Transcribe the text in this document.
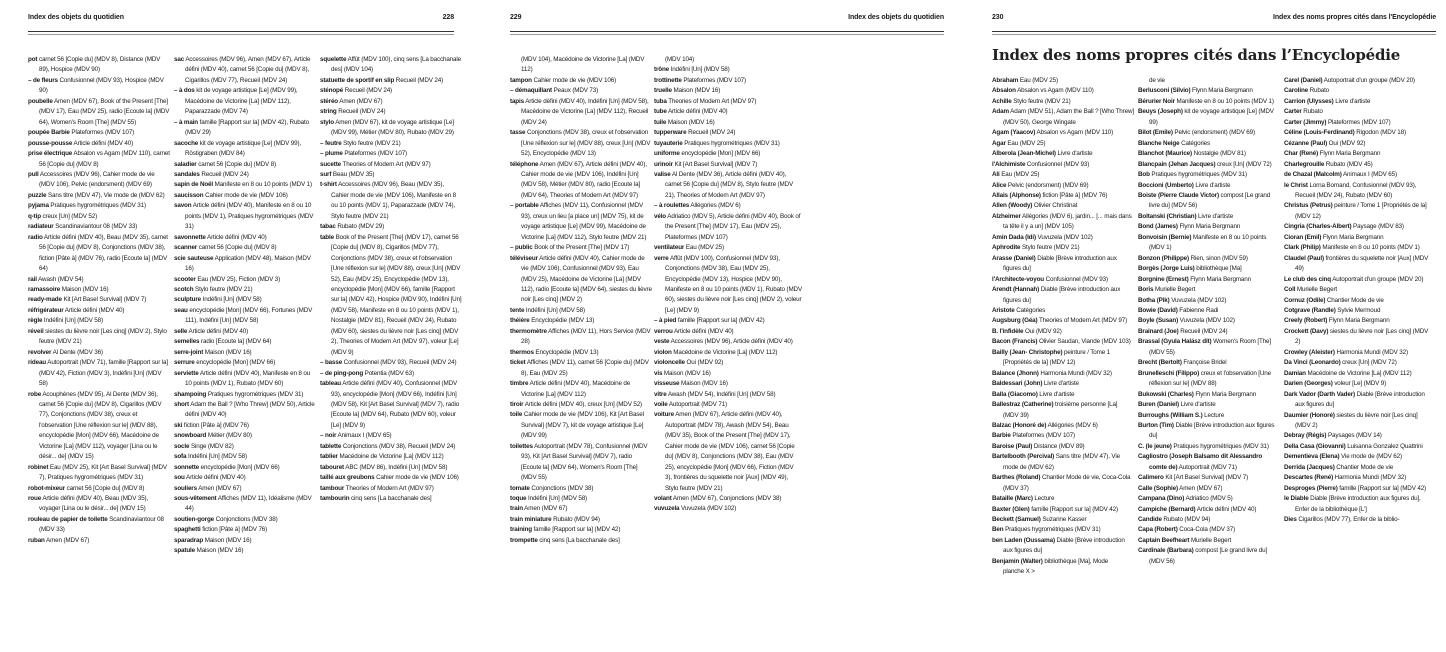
Index des objets du quotidien	228
pot carnet 56 [Copie du] (MDV 8), Distance (MDV 89), Hospice (MDV 90)
– de fleurs Confusionnel (MDV 93), Hospice (MDV 90)
poubelle Amen (MDV 67), Book of the Present [The] (MDV 17), Eau (MDV 25), radio [Ecoute la] (MDV 64), Women's Room [The] (MDV 55)
poupée Barbie Plateformes (MDV 107)
pousse-pousse Article défini (MDV 40)
prise électrique Absalon vs Agam (MDV 110), carnet 56 [Copie du] (MDV 8)
pull Accessoires (MDV 96), Cahier mode de vie (MDV 106), Pelvic (endorsment) (MDV 69)
puzzle Sans titre (MDV 47), Vie mode de (MDV 62)
pyjama Pratiques hygrométriques (MDV 31)
q-tip creux [Un] (MDV 52)
radiateur Scandinaviantour 08 (MDV 33)
radio Article défini (MDV 40), Beau (MDV 35), carnet 56 [Copie du] (MDV 8), Conjonctions (MDV 38), fiction [Pâte à] (MDV 76), radio [Ecoute la] (MDV 64)
rail Awash (MDV 54)
ramassoire Maison (MDV 16)
ready-made Kit [Art Basel Survival] (MDV 7)
réfrigérateur Article défini (MDV 40)
règle Indéfini [Un] (MDV 58)
réveil siestes du lièvre noir [Les cinq] (MDV 2), Stylo feutre (MDV 21)
revolver Al Dente (MDV 36)
rideau Autoportrait (MDV 71), famille [Rapport sur la] (MDV 42), Fiction (MDV 3), Indéfini [Un] (MDV 58)
robe Acouphènes (MDV 95), Al Dente (MDV 36), carnet 56 [Copie du] (MDV 8), Cigarillos (MDV 77), Conjonctions (MDV 38), creux et l'observation [Une réflexion sur le] (MDV 88), encyclopédie [Mon] (MDV 66), Macédoine de Victorine [La] (MDV 112), voyager [Lina ou le désir... de] (MDV 15)
robinet Eau (MDV 25), Kit [Art Basel Survival] (MDV 7), Pratiques hygrométriques (MDV 31)
robot-mixeur carnet 56 [Copie du] (MDV 8)
roue Article défini (MDV 40), Beau (MDV 35), voyager [Lina ou le désir... de] (MDV 15)
rouleau de papier de toilette Scandinaviantour 08 (MDV 33)
ruban Amen (MDV 67)
sac Accessoires (MDV 96), Amen (MDV 67), Article défini (MDV 40), carnet 56 [Copie du] (MDV 8), Cigarillos (MDV 77), Recueil (MDV 24)
– à dos kit de voyage artistique [Le] (MDV 99), Macédoine de Victorine [La] (MDV 112), Paparazzade (MDV 74)
– à main famille [Rapport sur la] (MDV 42), Rubato (MDV 29)
sacoche kit de voyage artistique [Le] (MDV 99), Röstigraben (MDV 84)
saladier carnet 56 [Copie du] (MDV 8)
sandales Recueil (MDV 24)
sapin de Noël Manifeste en 8 ou 10 points (MDV 1)
saucisson Cahier mode de vie (MDV 106)
savon Article défini (MDV 40), Manifeste en 8 ou 10 points (MDV 1), Pratiques hygrométriques (MDV 31)
savonnette Article défini (MDV 40)
scanner carnet 56 [Copie du] (MDV 8)
scie sauteuse Application (MDV 48), Maison (MDV 16)
scooter Eau (MDV 25), Fiction (MDV 3)
scotch Stylo feutre (MDV 21)
sculpture Indéfini [Un] (MDV 58)
seau encyclopédie [Mon] (MDV 66), Fortunes (MDV 111), Indéfini [Un] (MDV 58)
selle Article défini (MDV 40)
semelles radio [Ecoute la] (MDV 64)
serre-joint Maison (MDV 16)
serrure encyclopédie [Mon] (MDV 66)
serviette Article défini (MDV 40), Manifeste en 8 ou 10 points (MDV 1), Rubato (MDV 60)
shampoing Pratiques hygrométriques (MDV 31)
short Adam the Ball ? [Who Threw] (MDV 50), Article défini (MDV 40)
ski fiction [Pâte à] (MDV 76)
snowboard Métier (MDV 80)
socle Singe (MDV 82)
sofa Indéfini [Un] (MDV 58)
sonnette encyclopédie [Mon] (MDV 66)
sou Article défini (MDV 40)
souliers Amen (MDV 67)
sous-vêtement Affiches (MDV 11), Idéalisme (MDV 44)
soutien-gorge Conjonctions (MDV 38)
spaghetti fiction [Pâte à] (MDV 76)
sparadrap Maison (MDV 16)
spatule Maison (MDV 16)
squelette Affût (MDV 100), cinq sens [La bacchanale des] (MDV 104)
statuette de sportif en slip Recueil (MDV 24)
sténopé Recueil (MDV 24)
stéréo Amen (MDV 67)
string Recueil (MDV 24)
stylo Amen (MDV 67), kit de voyage artistique [Le] (MDV 99), Métier (MDV 80), Rubato (MDV 29)
– feutre Stylo feutre (MDV 21)
– plume Plateformes (MDV 107)
sucette Theories of Modern Art (MDV 97)
surf Beau (MDV 35)
t-shirt Accessoires (MDV 96), Beau (MDV 35), Cahier mode de vie (MDV 106), Manifeste en 8 ou 10 points (MDV 1), Paparazzade (MDV 74), Stylo feutre (MDV 21)
tabac Rubato (MDV 29)
table Book of the Present [The] (MDV 17), carnet 56 [Copie du] (MDV 8), Cigarillos (MDV 77), Conjonctions (MDV 38), creux et l'observation [Une réflexion sur le] (MDV 88), creux [Un] (MDV 52), Eau (MDV 25), Encyclopédie (MDV 13), encyclopédie [Mon] (MDV 66), famille [Rapport sur la] (MDV 42), Hospice (MDV 90), Indéfini [Un] (MDV 58), Manifeste en 8 ou 10 points (MDV 1), Nostalgie (MDV 81), Recueil (MDV 24), Rubato (MDV 60), siestes du lièvre noir [Les cinq] (MDV 2), Theories of Modern Art (MDV 97), voleur [Le] (MDV 9)
– basse Confusionnel (MDV 93), Recueil (MDV 24)
– de ping-pong Potentia (MDV 63)
tableau Article défini (MDV 40), Confusionnel (MDV 93), encyclopédie [Mon] (MDV 66), Indéfini [Un] (MDV 58), Kit [Art Basel Survival] (MDV 7), radio [Ecoute la] (MDV 64), Rubato (MDV 60), voleur [Le] (MDV 9)
– noir Animaux I (MDV 65)
tablette Conjonctions (MDV 38), Recueil (MDV 24)
tablier Macédoine de Victorine [La] (MDV 112)
tabouret ABC (MDV 86), Indéfini [Un] (MDV 58)
taillé aux greubons Cahier mode de vie (MDV 106)
tambour Theories of Modern Art (MDV 97)
tambourin cinq sens [La bacchanale des]
229	Index des objets du quotidien
(MDV 104), Macédoine de Victorine [La] (MDV 112)
tampon Cahier mode de vie (MDV 106)
– démaquillant Peaux (MDV 73)
tapis Article défini (MDV 40), Indéfini [Un] (MDV 58), Macédoine de Victorine [La] (MDV 112), Recueil (MDV 24)
tasse Conjonctions (MDV 38), creux et l'observation [Une réflexion sur le] (MDV 88), creux [Un] (MDV 52), Encyclopédie (MDV 13)
téléphone Amen (MDV 67), Article défini (MDV 40), Cahier mode de vie (MDV 106), Indéfini [Un] (MDV 58), Métier (MDV 80), radio [Ecoute la] (MDV 64), Theories of Modern Art (MDV 97)
– portable Affiches (MDV 11), Confusionnel (MDV 93), creux un lieu [a place un] (MDV 75), kit de voyage artistique [Le] (MDV 99), Macédoine de Victorine [La] (MDV 112), Stylo feutre (MDV 21)
– public Book of the Present [The] (MDV 17)
téléviseur Article défini (MDV 40), Cahier mode de vie (MDV 106), Confusionnel (MDV 93), Eau (MDV 25), Macédoine de Victorine [La] (MDV 112), radio [Ecoute la] (MDV 64), siestes du lièvre noir [Les cinq] (MDV 2)
tente Indéfini [Un] (MDV 58)
théière Encyclopédie (MDV 13)
thermomètre Affiches (MDV 11), Hors Service (MDV 28)
thermos Encyclopédie (MDV 13)
ticket Affiches (MDV 11), carnet 56 [Copie du] (MDV 8), Eau (MDV 25)
timbre Article défini (MDV 40), Macédoine de Victorine [La] (MDV 112)
tiroir Article défini (MDV 40), creux [Un] (MDV 52)
toile Cahier mode de vie (MDV 106), Kit [Art Basel Survival] (MDV 7), kit de voyage artistique [Le] (MDV 99)
toilettes Autoportrait (MDV 78), Confusionnel (MDV 93), Kit [Art Basel Survival] (MDV 7), radio [Ecoute la] (MDV 64), Women's Room [The] (MDV 55)
tomate Conjonctions (MDV 38)
toque Indéfini [Un] (MDV 58)
train Amen (MDV 67)
train miniature Rubato (MDV 94)
training famille [Rapport sur la] (MDV 42)
trompette cinq sens [La bacchanale des]
(MDV 104)
trône Indéfini [Un] (MDV 58)
trottinette Plateformes (MDV 107)
truelle Maison (MDV 16)
tuba Theories of Modern Art (MDV 97)
tube Article défini (MDV 40)
tuile Maison (MDV 16)
tupperware Recueil (MDV 24)
tuyauterie Pratiques hygrométriques (MDV 31)
uniforme encyclopédie [Mon] (MDV 66)
urinoir Kit [Art Basel Survival] (MDV 7)
valise Al Dente (MDV 36), Article défini (MDV 40), carnet 56 [Copie du] (MDV 8), Stylo feutre (MDV 21), Theories of Modern Art (MDV 97)
– à roulettes Allégories (MDV 6)
vélo Adriatico (MDV 5), Article défini (MDV 40), Book of the Present [The] (MDV 17), Eau (MDV 25), Plateformes (MDV 107)
ventilateur Eau (MDV 25)
verre Affût (MDV 100), Confusionnel (MDV 93), Conjonctions (MDV 38), Eau (MDV 25), Encyclopédie (MDV 13), Hospice (MDV 90), Manifeste en 8 ou 10 points (MDV 1), Rubato (MDV 60), siestes du lièvre noir [Les cinq] (MDV 2), voleur [Le] (MDV 9)
– à pied famille [Rapport sur la] (MDV 42)
verrou Article défini (MDV 40)
veste Accessoires (MDV 96), Article défini (MDV 40)
violon Macédoine de Victorine [La] (MDV 112)
violoncelle Oui (MDV 92)
vis Maison (MDV 16)
visseuse Maison (MDV 16)
vitre Awash (MDV 54), Indéfini [Un] (MDV 58)
voile Autoportrait (MDV 71)
voiture Amen (MDV 67), Article défini (MDV 40), Autoportrait (MDV 78), Awash (MDV 54), Beau (MDV 35), Book of the Present [The] (MDV 17), Cahier mode de vie (MDV 106), carnet 56 [Copie du] (MDV 8), Conjonctions (MDV 38), Eau (MDV 25), encyclopédie [Mon] (MDV 66), Fiction (MDV 3), frontières du squelette noir [Aux] (MDV 49), Stylo feutre (MDV 21)
volant Amen (MDV 67), Conjonctions (MDV 38)
vuvuzela Vuvuzela (MDV 102)
230	Index des noms propres cités dans l'Encyclopédie
Index des noms propres cités dans l’Encyclopédie
Abraham Eau (MDV 25)
Absalon Absalon vs Agam (MDV 110)
Achille Stylo feutre (MDV 21)
Adam Adam (MDV 51), Adam the Ball ? [Who Threw] (MDV 50), George Wingate
Agam (Yaacov) Absalon vs Agam (MDV 110)
Agar Eau (MDV 25)
Alberola (Jean-Michel) Livre d'artiste
l'Alchimiste Confusionnel (MDV 93)
Ali Eau (MDV 25)
Alice Pelvic (endorsment) (MDV 69)
Allais (Alphonse) fiction [Pâte à] (MDV 76)
Allen (Woody) Olivier Christinat
Alzheimer Allégories (MDV 6), jardin... [... mais dans ta tête il y a un] (MDV 105)
Amin Dada (Idi) Vuvuzela (MDV 102)
Aphrodite Stylo feutre (MDV 21)
Arasse (Daniel) Diable [Brève introduction aux figures du]
l'Architecte-voyou Confusionnel (MDV 93)
Arendt (Hannah) Diable [Brève introduction aux figures du]
Aristote Catégories
Augsburg (Géa) Theories of Modern Art (MDV 97)
B. l'infidèle Oui (MDV 92)
Bacon (Francis) Olivier Saudan, Viande (MDV 103)
Bailly (Jean- Christophe) peinture / Tome 1 [Propriétés de la] (MDV 12)
Balance (Jhonn) Harmonia Mundi (MDV 32)
Baldessari (John) Livre d'artiste
Balla (Giacomo) Livre d'artiste
Ballestraz (Catherine) troisième personne [La] (MDV 39)
Balzac (Honoré de) Allégories (MDV 6)
Barbie Plateformes (MDV 107)
Baroise (Paul) Distance (MDV 89)
Bartelbooth (Percival) Sans titre (MDV 47), Vie mode de (MDV 62)
Barthes (Roland) Chantier Mode de vie, Coca-Cola (MDV 37)
Bataille (Marc) Lecture
Baxter (Glen) famille [Rapport sur la] (MDV 42)
Beckett (Samuel) Suzanne Kasser
Ben Pratiques hygrométriques (MDV 31)
ben Laden (Oussama) Diable [Brève introduction aux figures du]
Benjamin (Walter) bibliothèque [Ma], Mode
planche X >
de vie
Berlusconi (Silvio) Flynn Maria Bergmann
Bérurier Noir Manifeste en 8 ou 10 points (MDV 1)
Beuys (Joseph) kit de voyage artistique [Le] (MDV 99)
Bilot (Emile) Pelvic (endorsment) (MDV 69)
Blanche Neige Catégories
Blanchot (Maurice) Nostalgie (MDV 81)
Blancpain (Jehan Jacques) creux [Un] (MDV 72)
Bob Pratiques hygrométriques (MDV 31)
Boccioni (Umberto) Livre d'artiste
Boiste (Pierre Claude Victor) compost [Le grand livre du] (MDV 56)
Boltanski (Christian) Livre d'artiste
Bond (James) Flynn Maria Bergmann
Bonvoisin (Bernie) Manifeste en 8 ou 10 points (MDV 1)
Bonzon (Philippe) Rien, sinon (MDV 59)
Borgès (Jorge Luis) bibliothèque [Ma]
Borgnine (Ernest) Flynn Maria Bergmann
Boris Murielle Begert
Botha (Pik) Vuvuzela (MDV 102)
Bowie (David) Fabienne Radi
Boyle (Susan) Vuvuzela (MDV 102)
Brainard (Joe) Recueil (MDV 24)
Brassaï (Gyula Halász dit) Women's Room [The] (MDV 55)
Brecht (Bertolt) Françoise Bridel
Brunelleschi (Filippo) creux et l'observation [Une réflexion sur le] (MDV 88)
Bukowski (Charles) Flynn Maria Bergmann
Buren (Daniel) Livre d'artiste
Burroughs (William S.) Lecture
Burton (Tim) Diable [Brève introduction aux figures du]
C. (le jeune) Pratiques hygrométriques (MDV 31)
Cagliostro (Joseph Balsamo dit Alessandro comte de) Autoportrait (MDV 71)
Calimero Kit [Art Basel Survival] (MDV 7)
Calle (Sophie) Amen (MDV 67)
Campana (Dino) Adriatico (MDV 5)
Campiche (Bernard) Article défini (MDV 40)
Candide Rubato (MDV 94)
Capa (Robert) Coca-Cola (MDV 37)
Captain Beefheart Murielle Begert
Cardinale (Barbara) compost [Le grand livre du] (MDV 56)
Carel (Daniel) Autoportrait d'un groupe (MDV 20)
Caroline Rubato
Carrion (Ulysses) Livre d'artiste
Carter Rubato
Carter (Jimmy) Plateformes (MDV 107)
Céline (Louis-Ferdinand) Rigodon (MDV 18)
Cézanne (Paul) Oui (MDV 92)
Char (René) Flynn Maria Bergmann
Charlegrouille Rubato (MDV 45)
de Chazal (Malcolm) Animaux I (MDV 65)
le Christ Lorna Bornand, Confusionnel (MDV 93), Recueil (MDV 24), Rubato (MDV 60)
Christus (Petrus) peinture / Tome 1 [Propriétés de la] (MDV 12)
Cingria (Charles-Albert) Paysage (MDV 83)
Cioran (Emil) Flynn Maria Bergmann
Clark (Philip) Manifeste en 8 ou 10 points (MDV 1)
Claudel (Paul) frontières du squelette noir [Aux] (MDV 49)
Le club des cinq Autoportrait d'un groupe (MDV 20)
Coll Murielle Begert
Cornuz (Odile) Chantier Mode de vie
Cotgrave (Randle) Sylvie Mermoud
Creely (Robert) Flynn Maria Bergmann
Crockett (Davy) siestes du lièvre noir [Les cinq] (MDV 2)
Crowley (Aleister) Harmonia Mundi (MDV 32)
Da Vinci (Leonardo) creux [Un] (MDV 72)
Damian Macédoine de Victorine [La] (MDV 112)
Darien (Georges) voleur [Le] (MDV 9)
Dark Vador (Darth Vader) Diable [Brève introduction aux figures du]
Daumier (Honoré) siestes du lièvre noir [Les cinq] (MDV 2)
Debray (Régis) Paysages (MDV 14)
Della Casa (Giovanni) Luisanna Gonzalez Quattrini
Dementieva (Elena) Vie mode de (MDV 62)
Derrida (Jacques) Chantier Mode de vie
Descartes (René) Harmonia Mundi (MDV 32)
Desproges (Pierre) famille [Rapport sur la] (MDV 42)
le Diable Diable [Brève introduction aux figures du], Enfer de la bibliothèque [L']
Dies Cigarillos (MDV 77), Enfer de la biblio-
